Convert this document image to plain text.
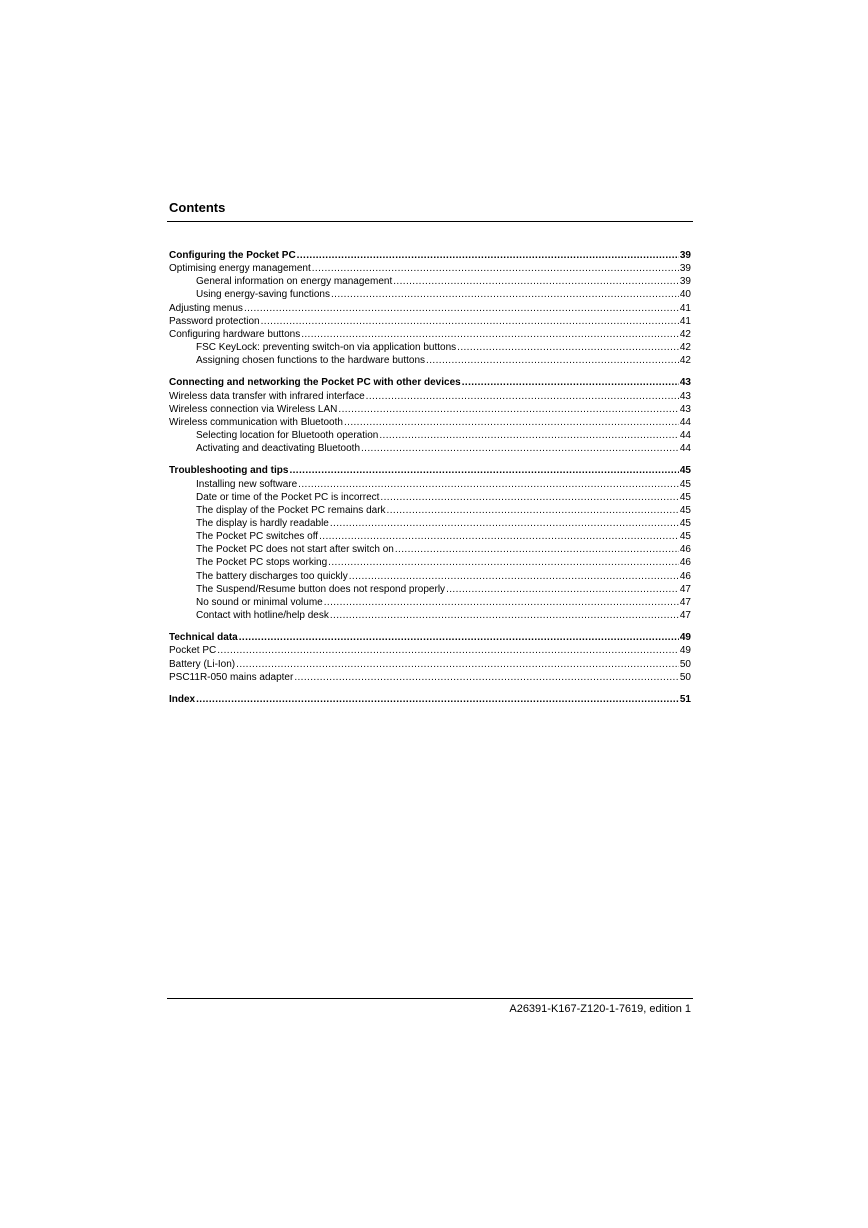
Contents
Configuring the Pocket PC .....	39
Optimising energy management .....	39
General information on energy management .....	39
Using energy-saving functions .....	40
Adjusting menus .....	41
Password protection .....	41
Configuring hardware buttons .....	42
FSC KeyLock: preventing switch-on via application buttons .....	42
Assigning chosen functions to the hardware buttons .....	42
Connecting and networking the Pocket PC with other devices .....	43
Wireless data transfer with infrared interface .....	43
Wireless connection via Wireless LAN .....	43
Wireless communication with Bluetooth .....	44
Selecting location for Bluetooth operation .....	44
Activating and deactivating Bluetooth .....	44
Troubleshooting and tips .....	45
Installing new software .....	45
Date or time of the Pocket PC is incorrect .....	45
The display of the Pocket PC remains dark .....	45
The display is hardly readable .....	45
The Pocket PC switches off .....	45
The Pocket PC does not start after switch on .....	46
The Pocket PC stops working .....	46
The battery discharges too quickly .....	46
The Suspend/Resume button does not respond properly .....	47
No sound or minimal volume .....	47
Contact with hotline/help desk .....	47
Technical data .....	49
Pocket PC .....	49
Battery (Li-Ion) .....	50
PSC11R-050 mains adapter .....	50
Index .....	51
A26391-K167-Z120-1-7619, edition 1
